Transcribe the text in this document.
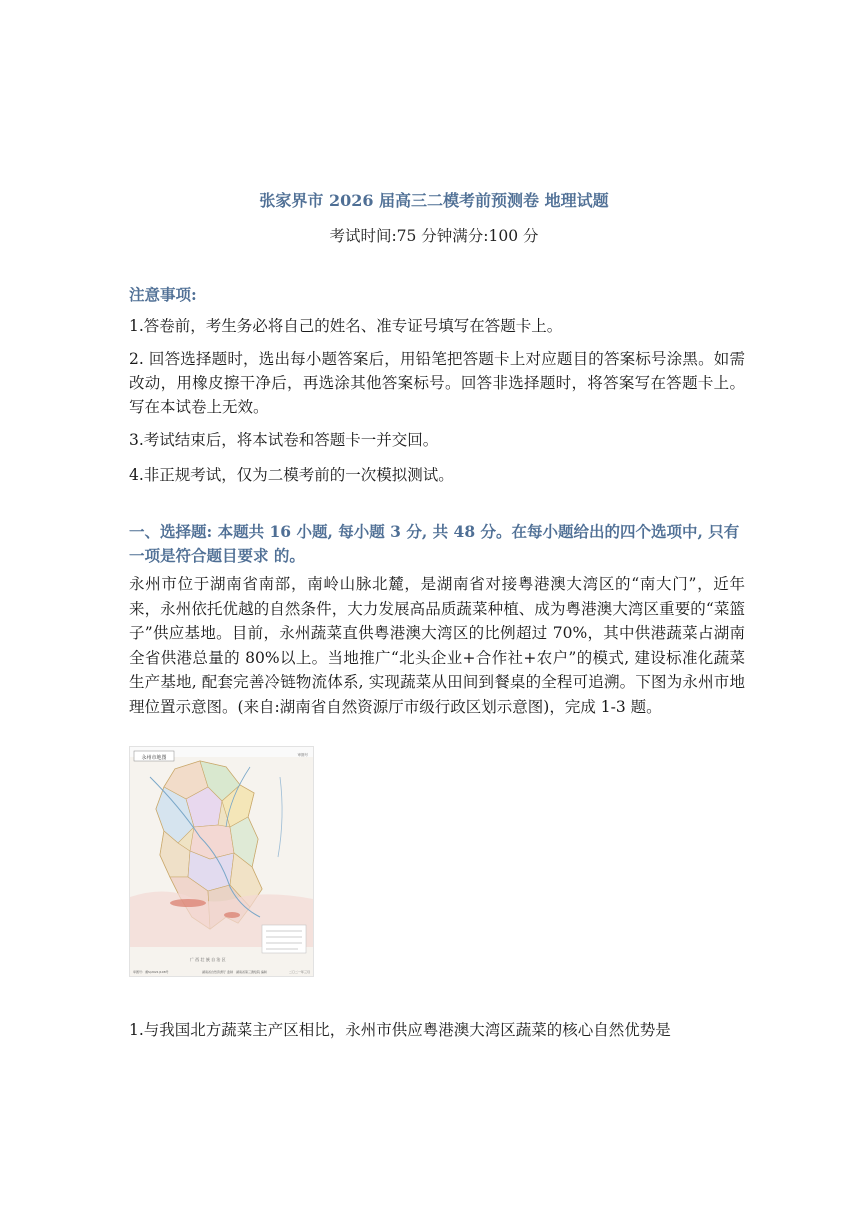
张家界市 2026 届高三二模考前预测卷 地理试题
考试时间:75 分钟满分:100 分
注意事项:
1.答卷前，考生务必将自己的姓名、准专证号填写在答题卡上。
2. 回答选择题时，选出每小题答案后，用铅笔把答题卡上对应题目的答案标号涂黑。如需改动，用橡皮擦干净后，再选涂其他答案标号。回答非选择题时，将答案写在答题卡上。写在本试卷上无效。
3.考试结束后，将本试卷和答题卡一并交回。
4.非正规考试，仅为二模考前的一次模拟测试。
一、选择题: 本题共 16 小题, 每小题 3 分, 共 48 分。在每小题给出的四个选项中, 只有一项是符合题目要求 的。
永州市位于湖南省南部，南岭山脉北麓，是湖南省对接粤港澳大湾区的“南大门”，近年来，永州依托优越的自然条件，大力发展高品质蔬菜种植、成为粤港澳大湾区重要的“菜篮子”供应基地。目前，永州蔬菜直供粤港澳大湾区的比例超过 70%，其中供港蔬菜占湖南全省供港总量的 80%以上。当地推广“北头企业+合作社+农户”的模式, 建设标准化蔬菜生产基地, 配套完善冷链物流体系, 实现蔬菜从田间到餐桌的全程可追溯。下图为永州市地理位置示意图。(来自:湖南省自然资源厅市级行政区划示意图)，完成 1-3 题。
永州市地图	审图号
广 西 壮 族 自 治 区
审图号：湘S(2021)108号	湖南省自然资源厅 监制　湖南省第三测绘院 编制	二〇二一年三月
1.与我国北方蔬菜主产区相比，永州市供应粤港澳大湾区蔬菜的核心自然优势是
